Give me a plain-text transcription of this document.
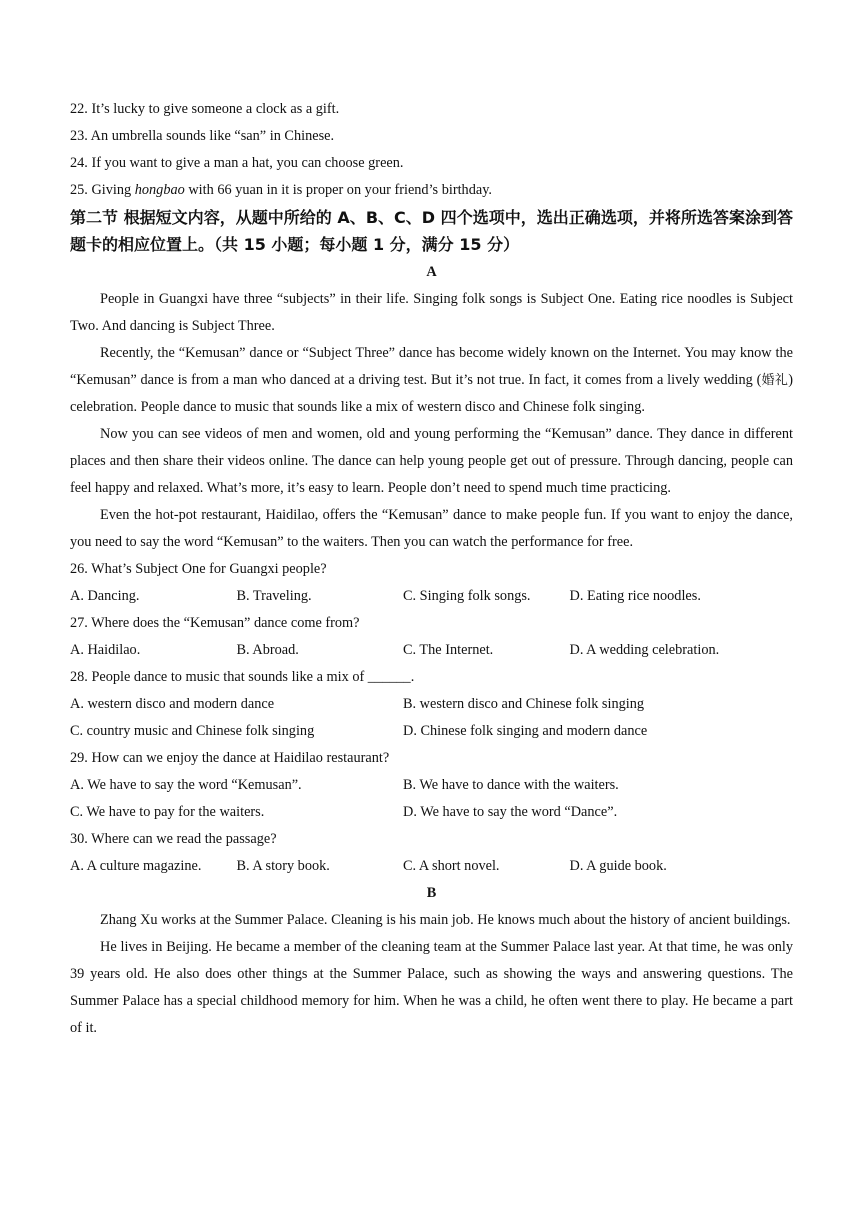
22. It’s lucky to give someone a clock as a gift.

23. An umbrella sounds like “san” in Chinese.

24. If you want to give a man a hat, you can choose green.

25. Giving hongbao with 66 yuan in it is proper on your friend’s birthday.

第二节 根据短文内容，从题中所给的 A、B、C、D 四个选项中，选出正确选项，并将所选答案涂到答题卡的相应位置上。（共 15 小题；每小题 1 分，满分 15 分）

A

People in Guangxi have three “subjects” in their life. Singing folk songs is Subject One. Eating rice noodles is Subject Two. And dancing is Subject Three.

Recently, the “Kemusan” dance or “Subject Three” dance has become widely known on the Internet. You may know the “Kemusan” dance is from a man who danced at a driving test. But it’s not true. In fact, it comes from a lively wedding (婚礼) celebration. People dance to music that sounds like a mix of western disco and Chinese folk singing.

Now you can see videos of men and women, old and young performing the “Kemusan” dance. They dance in different places and then share their videos online. The dance can help young people get out of pressure. Through dancing, people can feel happy and relaxed. What’s more, it’s easy to learn. People don’t need to spend much time practicing.

Even the hot-pot restaurant, Haidilao, offers the “Kemusan” dance to make people fun. If you want to enjoy the dance, you need to say the word “Kemusan” to the waiters. Then you can watch the performance for free.

26. What’s Subject One for Guangxi people?

A. Dancing.	B. Traveling.	C. Singing folk songs.	D. Eating rice noodles.

27. Where does the “Kemusan” dance come from?

A. Haidilao.	B. Abroad.	C. The Internet.	D. A wedding celebration.

28. People dance to music that sounds like a mix of ______.

A. western disco and modern dance	B. western disco and Chinese folk singing
C. country music and Chinese folk singing	D. Chinese folk singing and modern dance

29. How can we enjoy the dance at Haidilao restaurant?

A. We have to say the word “Kemusan”.	B. We have to dance with the waiters.
C. We have to pay for the waiters.	D. We have to say the word “Dance”.

30. Where can we read the passage?

A. A culture magazine.	B. A story book.	C. A short novel.	D. A guide book.

B

Zhang Xu works at the Summer Palace. Cleaning is his main job. He knows much about the history of ancient buildings.

He lives in Beijing. He became a member of the cleaning team at the Summer Palace last year. At that time, he was only 39 years old. He also does other things at the Summer Palace, such as showing the ways and answering questions. The Summer Palace has a special childhood memory for him. When he was a child, he often went there to play. He became a part of it.
